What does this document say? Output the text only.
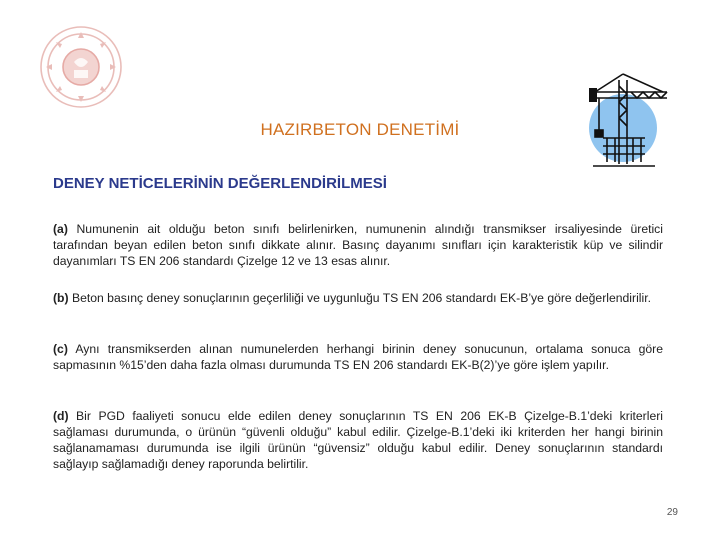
HAZIRBETON DENETİMİ
DENEY NETİCELERİNİN DEĞERLENDİRİLMESİ
(a) Numunenin ait olduğu beton sınıfı belirlenirken, numunenin alındığı transmikser irsaliyesinde üretici tarafından beyan edilen beton sınıfı dikkate alınır. Basınç dayanımı sınıfları için karakteristik küp ve silindir dayanımları TS EN 206 standardı Çizelge 12 ve 13 esas alınır.
(b) Beton basınç deney sonuçlarının geçerliliği ve uygunluğu TS EN 206 standardı EK-B’ye göre değerlendirilir.
(c) Aynı transmikserden alınan numunelerden herhangi birinin deney sonucunun, ortalama sonuca göre sapmasının %15’den daha fazla olması durumunda TS EN 206 standardı EK-B(2)’ye göre işlem yapılır.
(d) Bir PGD faaliyeti sonucu elde edilen deney sonuçlarının TS EN 206 EK-B Çizelge-B.1’deki kriterleri sağlaması durumunda, o ürünün “güvenli olduğu” kabul edilir. Çizelge-B.1’deki iki kriterden her hangi birinin sağlanamaması durumunda ise ilgili ürünün “güvensiz” olduğu kabul edilir. Deney sonuçlarının standardı sağlayıp sağlamadığı deney raporunda belirtilir.
29
